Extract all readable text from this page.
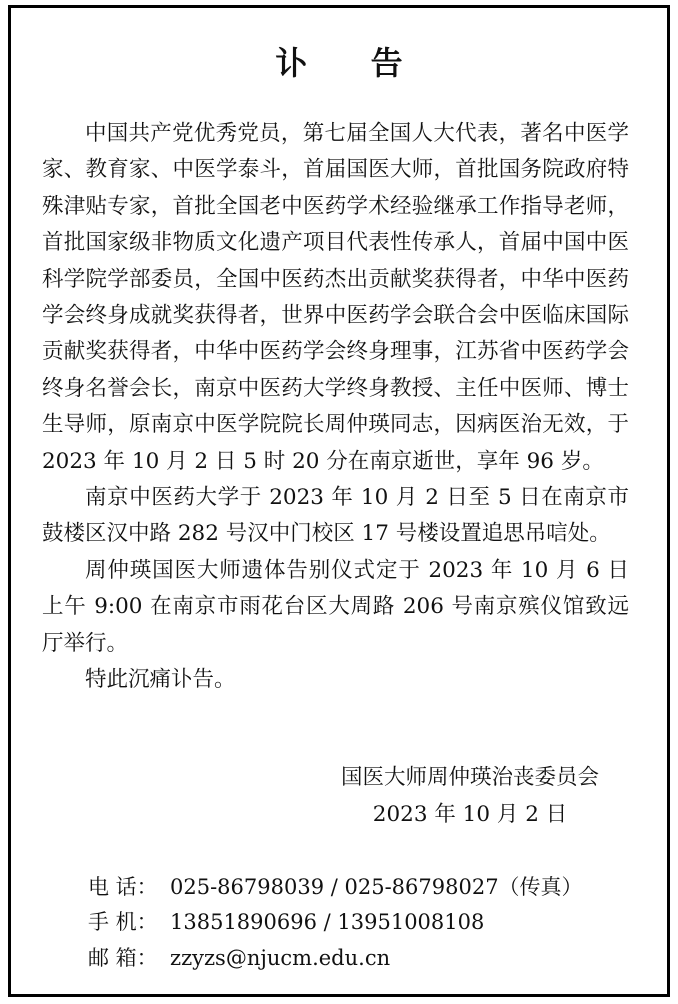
讣 告

中国共产党优秀党员，第七届全国人大代表，著名中医学家、教育家、中医学泰斗，首届国医大师，首批国务院政府特殊津贴专家，首批全国老中医药学术经验继承工作指导老师，首批国家级非物质文化遗产项目代表性传承人，首届中国中医科学院学部委员，全国中医药杰出贡献奖获得者，中华中医药学会终身成就奖获得者，世界中医药学会联合会中医临床国际贡献奖获得者，中华中医药学会终身理事，江苏省中医药学会终身名誉会长，南京中医药大学终身教授、主任中医师、博士生导师，原南京中医学院院长周仲瑛同志，因病医治无效，于 2023 年 10 月 2 日 5 时 20 分在南京逝世，享年 96 岁。

南京中医药大学于 2023 年 10 月 2 日至 5 日在南京市鼓楼区汉中路 282 号汉中门校区 17 号楼设置追思吊唁处。

周仲瑛国医大师遗体告别仪式定于 2023 年 10 月 6 日上午 9:00 在南京市雨花台区大周路 206 号南京殡仪馆致远厅举行。

特此沉痛讣告。

国医大师周仲瑛治丧委员会
2023 年 10 月 2 日
电 话： 025-86798039 / 025-86798027（传真）
手 机： 13851890696 / 13951008108
邮 箱： zzyzs@njucm.edu.cn
